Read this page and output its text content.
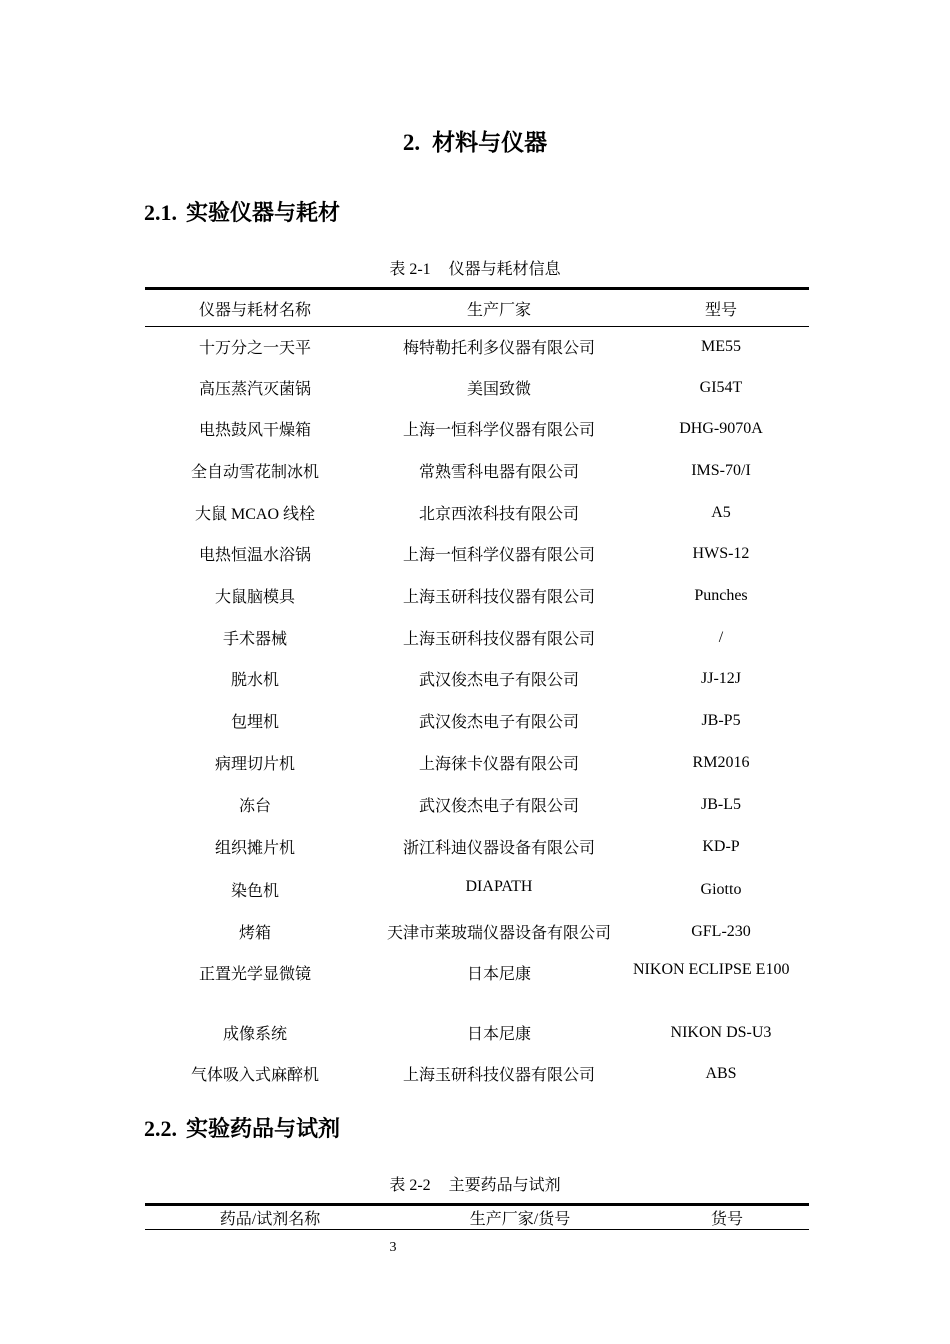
2. 材料与仪器
2.1. 实验仪器与耗材
表 2-1 仪器与耗材信息
仪器与耗材名称	生产厂家	型号

十万分之一天平	梅特勒托利多仪器有限公司	ME55

高压蒸汽灭菌锅	美国致微	GI54T

电热鼓风干燥箱	上海一恒科学仪器有限公司	DHG-9070A

全自动雪花制冰机	常熟雪科电器有限公司	IMS-70/I

大鼠 MCAO 线栓	北京西浓科技有限公司	A5

电热恒温水浴锅	上海一恒科学仪器有限公司	HWS-12

大鼠脑模具	上海玉研科技仪器有限公司	Punches

手术器械	上海玉研科技仪器有限公司	/

脱水机	武汉俊杰电子有限公司	JJ-12J

包埋机	武汉俊杰电子有限公司	JB-P5

病理切片机	上海徕卡仪器有限公司	RM2016

冻台	武汉俊杰电子有限公司	JB-L5

组织摊片机	浙江科迪仪器设备有限公司	KD-P

染色机	DIAPATH	Giotto

烤箱	天津市莱玻瑞仪器设备有限公司	GFL-230

正置光学显微镜	日本尼康	NIKON ECLIPSE E100

成像系统	日本尼康	NIKON DS-U3

气体吸入式麻醉机	上海玉研科技仪器有限公司	ABS
2.2. 实验药品与试剂
表 2-2 主要药品与试剂
药品/试剂名称	生产厂家/货号	货号
3
